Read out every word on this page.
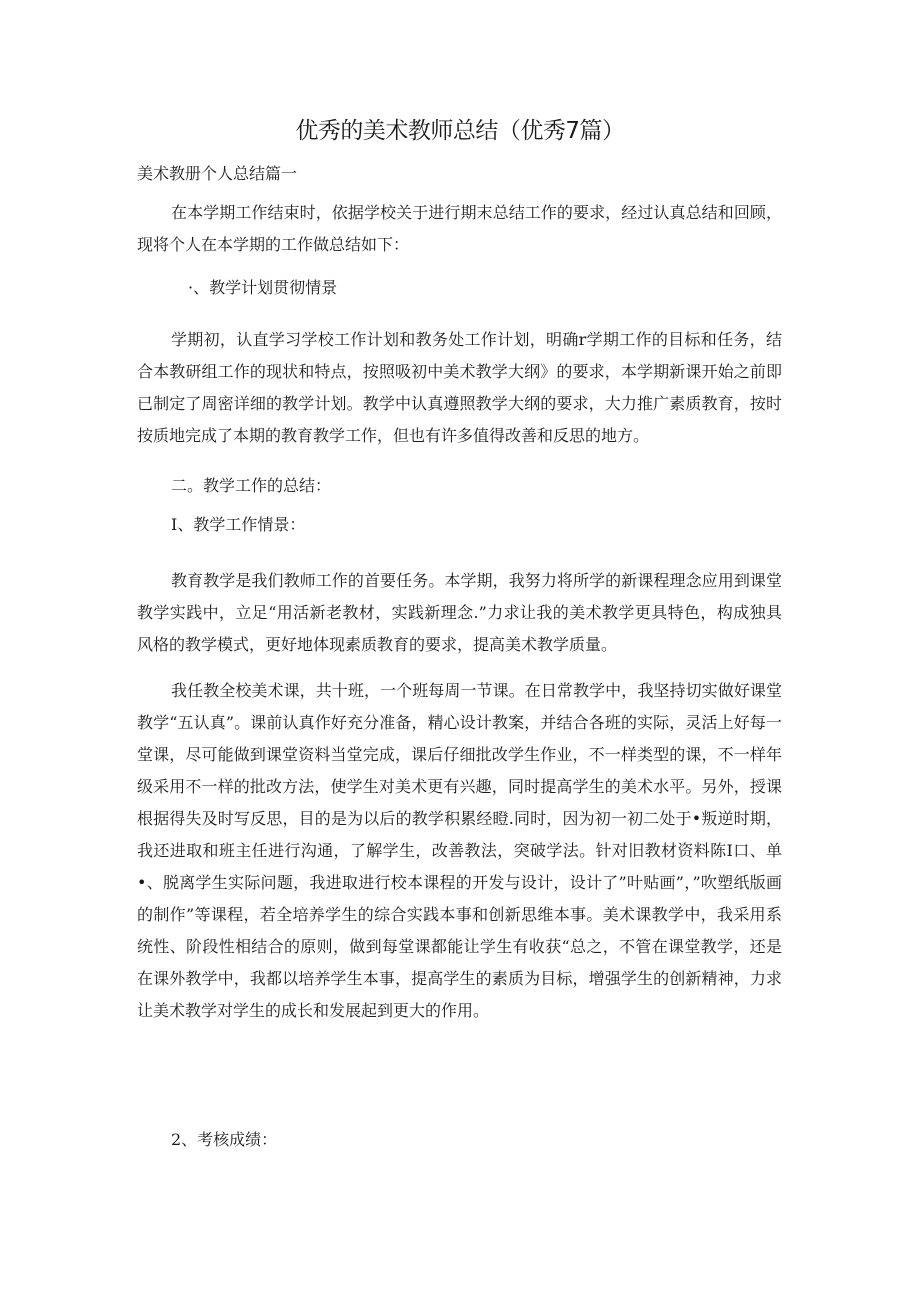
优秀的美术教师总结（优秀7篇）

美术教册个人总结篇一

在本学期工作结束时，依据学校关于进行期末总结工作的要求，经过认真总结和回顾，现将个人在本学期的工作做总结如下：

·、教学计划贯彻情景

学期初，认直学习学校工作计划和教务处工作计划，明确r学期工作的目标和任务，结合本教研组工作的现状和特点，按照吸初中美术教学大纲》的要求，本学期新课开始之前即已制定了周密详细的教学计划。教学中认真遵照教学大纲的要求，大力推广素质教育，按时按质地完成了本期的教育教学工作，但也有许多值得改善和反思的地方。

二。教学工作的总结：

I、教学工作情景：

教育教学是我们教师工作的首要任务。本学期，我努力将所学的新课程理念应用到课堂教学实践中，立足“用活新老教材，实践新理念.”力求让我的美术教学更具特色，构成独具风格的教学模式，更好地体现素质教育的要求，提高美术教学质量。

我任教全校美术课，共十班，一个班每周一节课。在日常教学中，我坚持切实做好课堂教学“五认真”。课前认真作好充分准备，精心设计教案，并结合各班的实际，灵活上好每一堂课，尽可能做到课堂资料当堂完成，课后仔细批改学生作业，不一样类型的课，不一样年级采用不一样的批改方法，使学生对美术更有兴趣，同时提高学生的美术水平。另外，授课根据得失及时写反思，目的是为以后的教学积累经瞪.同时，因为初一初二处于•叛逆时期，我还进取和班主任进行沟通，了解学生，改善教法，突破学法。针对旧教材资料陈I口、单•、脱离学生实际问题，我进取进行校本课程的开发与设计，设计了”叶贴画”，”吹塑纸版画的制作”等课程，若全培养学生的综合实践本事和创新思维本事。美术课教学中，我采用系统性、阶段性相结合的原则，做到每堂课都能让学生有收获“总之，不管在课堂教学，还是在课外教学中，我都以培养学生本事，提高学生的素质为目标，增强学生的创新精神，力求让美术教学对学生的成长和发展起到更大的作用。

2、考核成绩：
